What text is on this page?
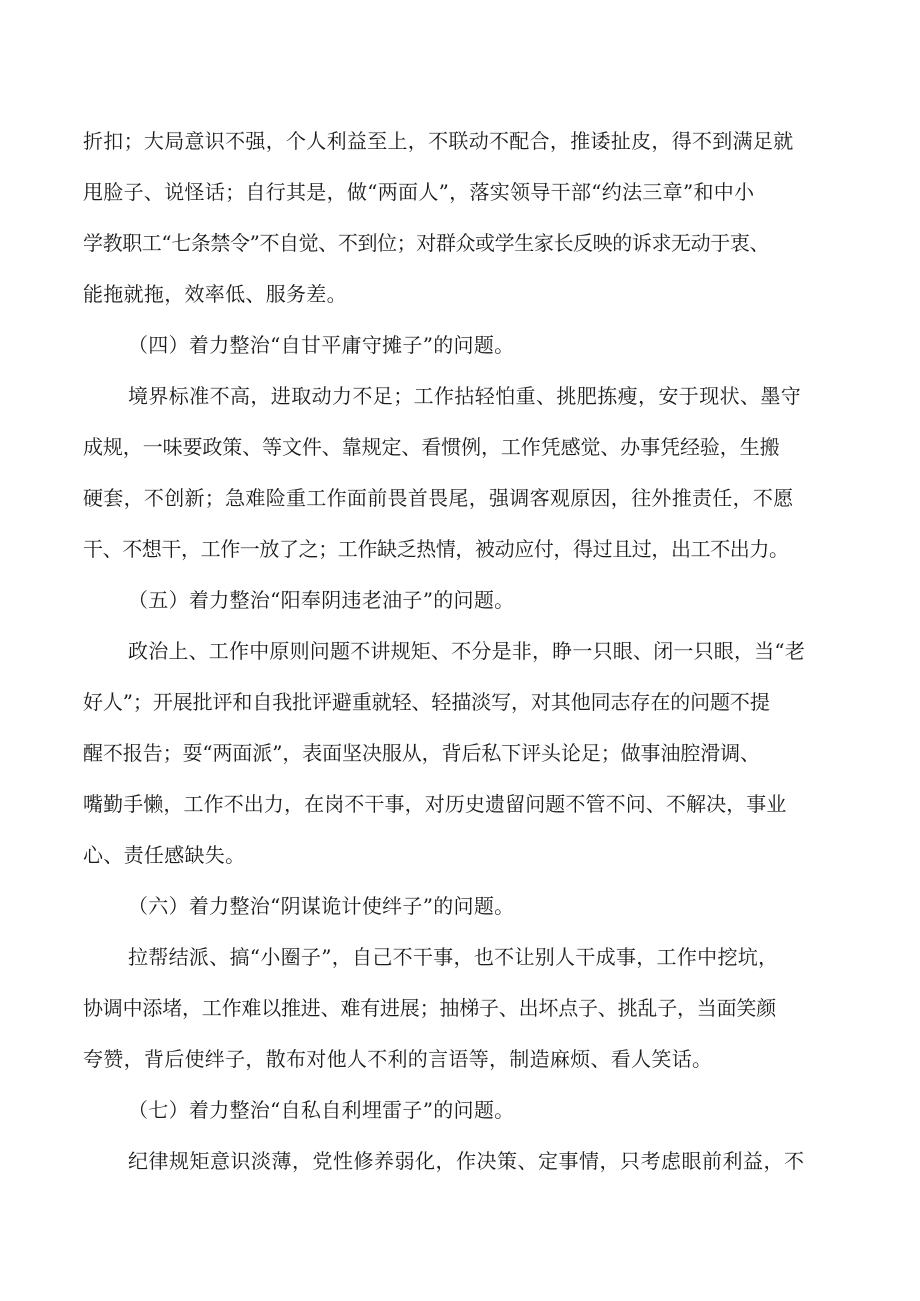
折扣；大局意识不强，个人利益至上，不联动不配合，推诿扯皮，得不到满足就
甩脸子、说怪话；自行其是，做“两面人”，落实领导干部“约法三章”和中小
学教职工“七条禁令”不自觉、不到位；对群众或学生家长反映的诉求无动于衷、
能拖就拖，效率低、服务差。
（四）着力整治“自甘平庸守摊子”的问题。
境界标准不高，进取动力不足；工作拈轻怕重、挑肥拣瘦，安于现状、墨守
成规，一味要政策、等文件、靠规定、看惯例，工作凭感觉、办事凭经验，生搬
硬套，不创新；急难险重工作面前畏首畏尾，强调客观原因，往外推责任，不愿
干、不想干，工作一放了之；工作缺乏热情，被动应付，得过且过，出工不出力。
（五）着力整治“阳奉阴违老油子”的问题。
政治上、工作中原则问题不讲规矩、不分是非，睁一只眼、闭一只眼，当“老
好人”；开展批评和自我批评避重就轻、轻描淡写，对其他同志存在的问题不提
醒不报告；耍“两面派”，表面坚决服从，背后私下评头论足；做事油腔滑调、
嘴勤手懒，工作不出力，在岗不干事，对历史遗留问题不管不问、不解决，事业
心、责任感缺失。
（六）着力整治“阴谋诡计使绊子”的问题。
拉帮结派、搞“小圈子”，自己不干事，也不让别人干成事，工作中挖坑，
协调中添堵，工作难以推进、难有进展；抽梯子、出坏点子、挑乱子，当面笑颜
夸赞，背后使绊子，散布对他人不利的言语等，制造麻烦、看人笑话。
（七）着力整治“自私自利埋雷子”的问题。
纪律规矩意识淡薄，党性修养弱化，作决策、定事情，只考虑眼前利益，不
